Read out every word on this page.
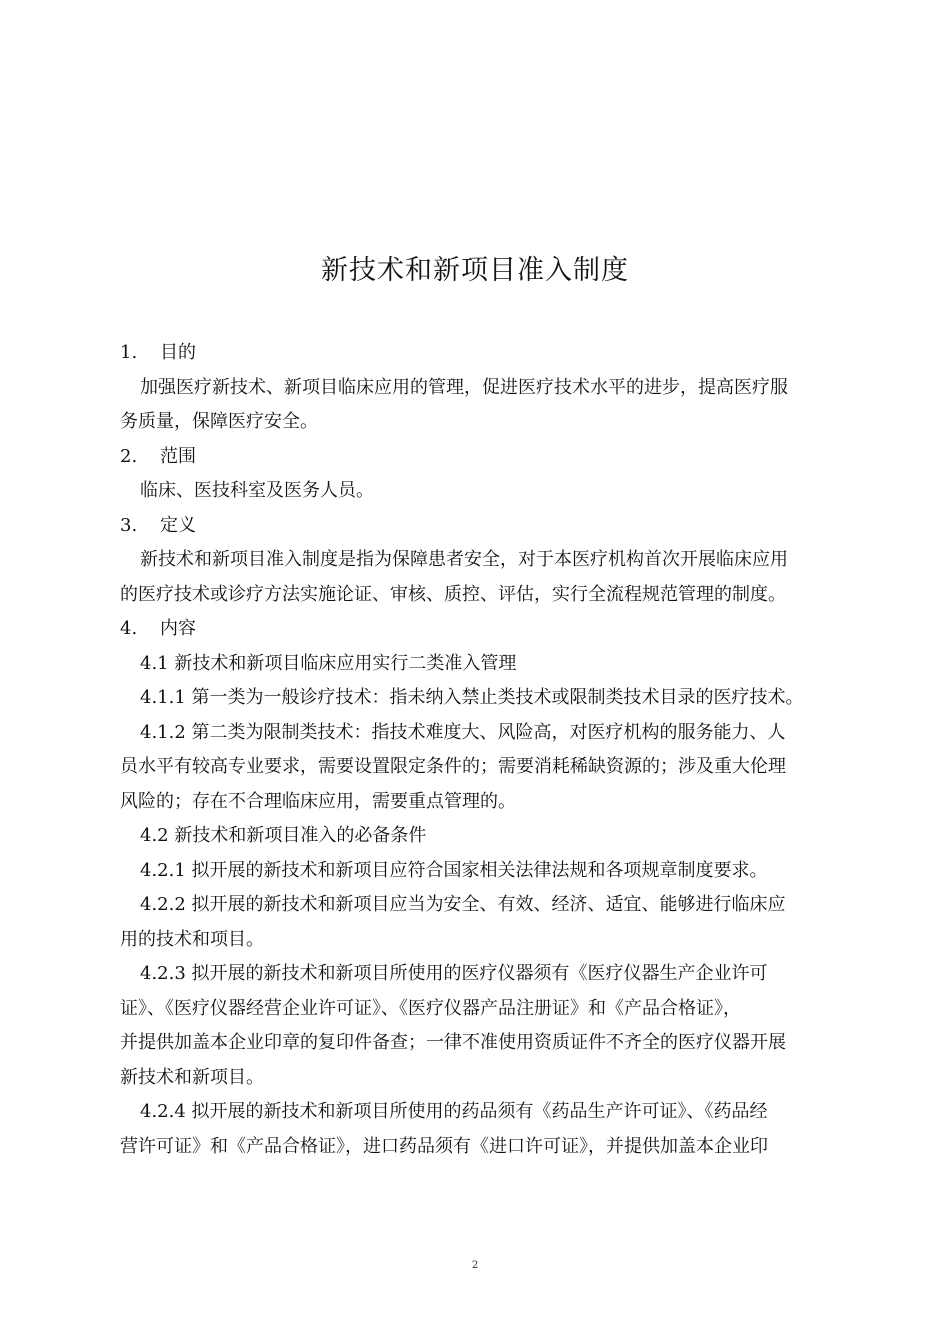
新技术和新项目准入制度
1. 目的
加强医疗新技术、新项目临床应用的管理，促进医疗技术水平的进步，提高医疗服
务质量，保障医疗安全。
2. 范围
临床、医技科室及医务人员。
3. 定义
新技术和新项目准入制度是指为保障患者安全，对于本医疗机构首次开展临床应用
的医疗技术或诊疗方法实施论证、审核、质控、评估，实行全流程规范管理的制度。
4. 内容
4.1 新技术和新项目临床应用实行二类准入管理
4.1.1 第一类为一般诊疗技术：指未纳入禁止类技术或限制类技术目录的医疗技术。
4.1.2 第二类为限制类技术：指技术难度大、风险高，对医疗机构的服务能力、人
员水平有较高专业要求，需要设置限定条件的；需要消耗稀缺资源的；涉及重大伦理
风险的；存在不合理临床应用，需要重点管理的。
4.2 新技术和新项目准入的必备条件
4.2.1 拟开展的新技术和新项目应符合国家相关法律法规和各项规章制度要求。
4.2.2 拟开展的新技术和新项目应当为安全、有效、经济、适宜、能够进行临床应
用的技术和项目。
4.2.3 拟开展的新技术和新项目所使用的医疗仪器须有《医疗仪器生产企业许可
证》、《医疗仪器经营企业许可证》、《医疗仪器产品注册证》和《产品合格证》，
并提供加盖本企业印章的复印件备查；一律不准使用资质证件不齐全的医疗仪器开展
新技术和新项目。
4.2.4 拟开展的新技术和新项目所使用的药品须有《药品生产许可证》、《药品经
营许可证》和《产品合格证》，进口药品须有《进口许可证》，并提供加盖本企业印
2
